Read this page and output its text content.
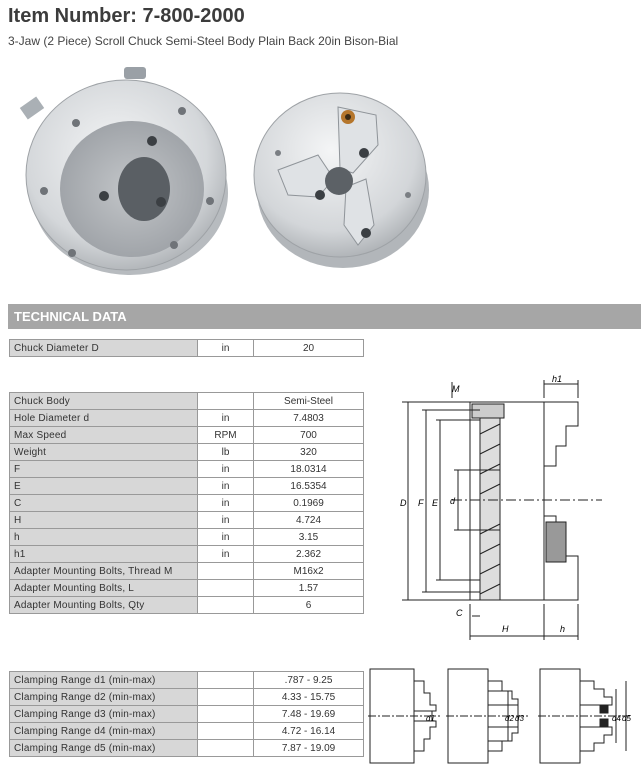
Item Number: 7-800-2000
3-Jaw (2 Piece) Scroll Chuck Semi-Steel Body Plain Back 20in Bison-Bial
TECHNICAL DATA
Chuck Diameter D	in	20
Chuck Body		Semi-Steel
Hole Diameter d	in	7.4803
Max Speed	RPM	700
Weight	lb	320
F	in	18.0314
E	in	16.5354
C	in	0.1969
H	in	4.724
h	in	3.15
h1	in	2.362
Adapter Mounting Bolts, Thread M		M16x2
Adapter Mounting Bolts, L		1.57
Adapter Mounting Bolts, Qty		6
Clamping Range d1 (min-max)		.787 - 9.25
Clamping Range d2 (min-max)		4.33 - 15.75
Clamping Range d3 (min-max)		7.48 - 19.69
Clamping Range d4 (min-max)		4.72 - 16.14
Clamping Range d5 (min-max)		7.87 - 19.09
M
h1
D F E d
C
H	h
d1	d2 d3	d4 d5
